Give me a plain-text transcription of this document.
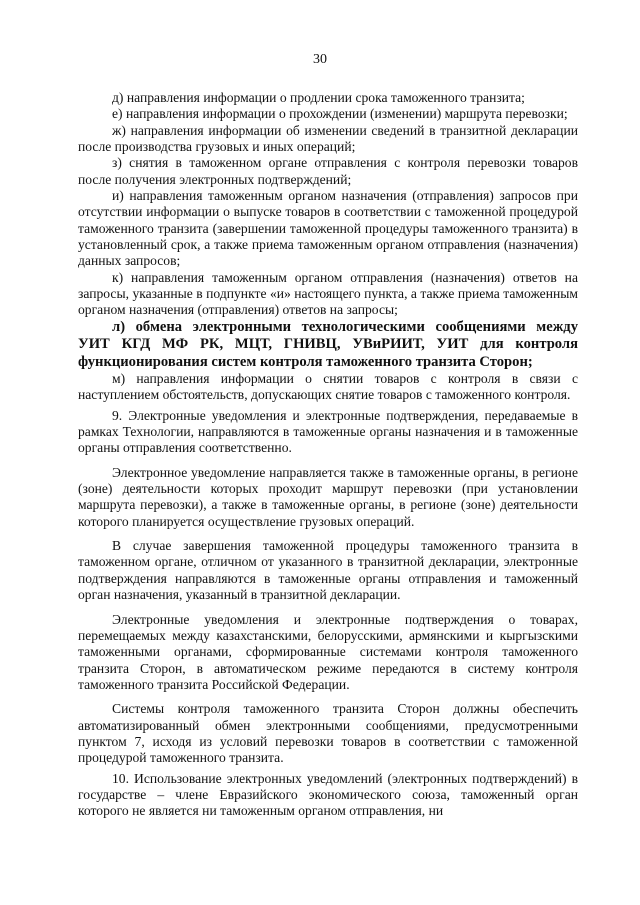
30

д) направления информации о продлении срока таможенного транзита;

е) направления информации о прохождении (изменении) маршрута перевозки;

ж) направления информации об изменении сведений в транзитной декларации после производства грузовых и иных операций;

з) снятия в таможенном органе отправления с контроля перевозки товаров после получения электронных подтверждений;

и) направления таможенным органом назначения (отправления) запросов при отсутствии информации о выпуске товаров в соответствии с таможенной процедурой таможенного транзита (завершении таможенной процедуры таможенного транзита) в установленный срок, а также приема таможенным органом отправления (назначения) данных запросов;

к) направления таможенным органом отправления (назначения) ответов на запросы, указанные в подпункте «и» настоящего пункта, а также приема таможенным органом назначения (отправления) ответов на запросы;

л) обмена электронными технологическими сообщениями между УИТ КГД МФ РК, МЦТ, ГНИВЦ, УВиРИИТ, УИТ для контроля функционирования систем контроля таможенного транзита Сторон;

м) направления информации о снятии товаров с контроля в связи с наступлением обстоятельств, допускающих снятие товаров с таможенного контроля.

9. Электронные уведомления и электронные подтверждения, передаваемые в рамках Технологии, направляются в таможенные органы назначения и в таможенные органы отправления соответственно.

Электронное уведомление направляется также в таможенные органы, в регионе (зоне) деятельности которых проходит маршрут перевозки (при установлении маршрута перевозки), а также в таможенные органы, в регионе (зоне) деятельности которого планируется осуществление грузовых операций.

В случае завершения таможенной процедуры таможенного транзита в таможенном органе, отличном от указанного в транзитной декларации, электронные подтверждения направляются в таможенные органы отправления и таможенный орган назначения, указанный в транзитной декларации.

Электронные уведомления и электронные подтверждения о товарах, перемещаемых между казахстанскими, белорусскими, армянскими и кыргызскими таможенными органами, сформированные системами контроля таможенного транзита Сторон, в автоматическом режиме передаются в систему контроля таможенного транзита Российской Федерации.

Системы контроля таможенного транзита Сторон должны обеспечить автоматизированный обмен электронными сообщениями, предусмотренными пунктом 7, исходя из условий перевозки товаров в соответствии с таможенной процедурой таможенного транзита.

10. Использование электронных уведомлений (электронных подтверждений) в государстве – члене Евразийского экономического союза, таможенный орган которого не является ни таможенным органом отправления, ни
